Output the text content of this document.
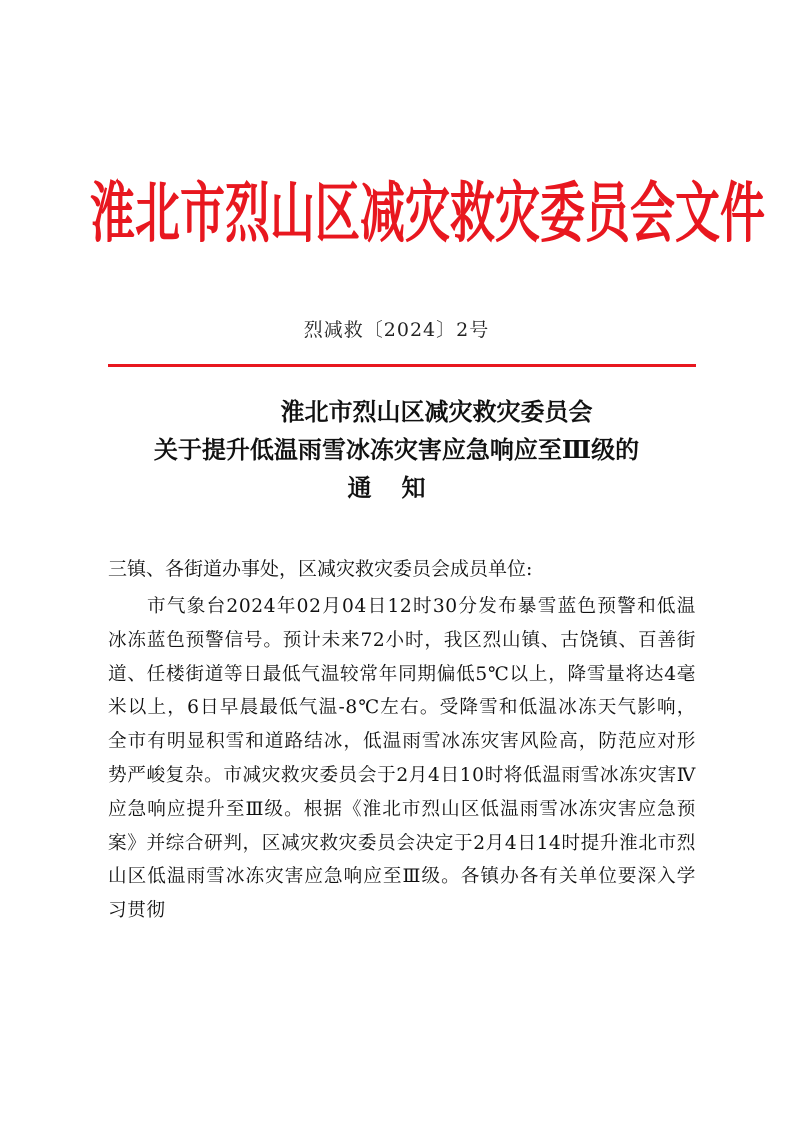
淮北市烈山区减灾救灾委员会文件
烈减救〔2024〕2号
淮北市烈山区减灾救灾委员会
关于提升低温雨雪冰冻灾害应急响应至Ⅲ级的
通知
三镇、各街道办事处，区减灾救灾委员会成员单位:
市气象台2024年02月04日12时30分发布暴雪蓝色预警和低温冰冻蓝色预警信号。预计未来72小时，我区烈山镇、古饶镇、百善街道、任楼街道等日最低气温较常年同期偏低5℃以上，降雪量将达4毫米以上，6日早晨最低气温-8℃左右。受降雪和低温冰冻天气影响，全市有明显积雪和道路结冰，低温雨雪冰冻灾害风险高，防范应对形势严峻复杂。市减灾救灾委员会于2月4日10时将低温雨雪冰冻灾害Ⅳ应急响应提升至Ⅲ级。根据《淮北市烈山区低温雨雪冰冻灾害应急预案》并综合研判，区减灾救灾委员会决定于2月4日14时提升淮北市烈山区低温雨雪冰冻灾害应急响应至Ⅲ级。各镇办各有关单位要深入学习贯彻
